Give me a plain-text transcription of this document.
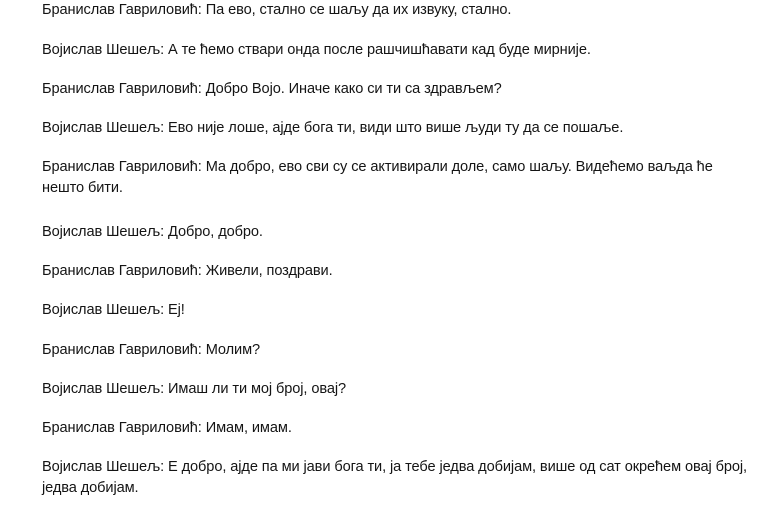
Бранислав Гавриловић: Па ево, стално се шаљу да их извуку, стално.
Војислав Шешељ: А те ћемо ствари онда после рашчишћавати кад буде мирније.
Бранислав Гавриловић: Добро Војо. Иначе како си ти са здрављем?
Војислав Шешељ: Ево није лоше, ајде бога ти, види што више људи ту да се пошаље.
Бранислав Гавриловић: Ма добро, ево сви су се активирали доле, само шаљу. Видећемо ваљда ће нешто бити.
Војислав Шешељ: Добро, добро.
Бранислав Гавриловић: Живели, поздрави.
Војислав Шешељ: Еј!
Бранислав Гавриловић: Молим?
Војислав Шешељ: Имаш ли ти мој број, овај?
Бранислав Гавриловић: Имам, имам.
Војислав Шешељ: Е добро, ајде па ми јави бога ти, ја тебе једва добијам, више од сат окрећем овај број, једва добијам.
